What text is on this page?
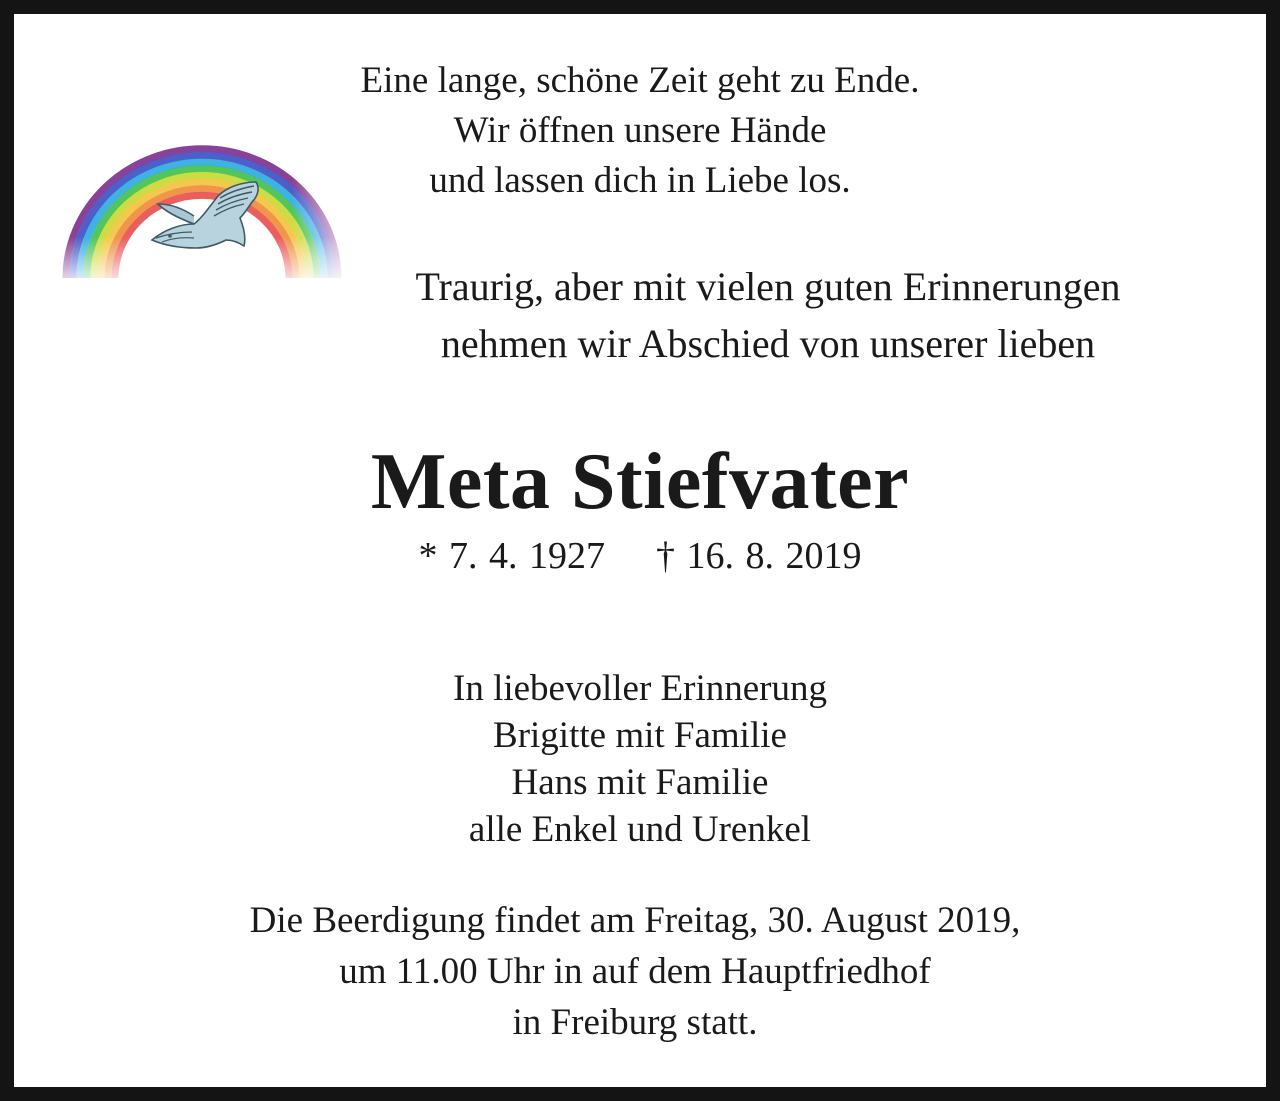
Eine lange, schöne Zeit geht zu Ende.
Wir öffnen unsere Hände
und lassen dich in Liebe los.
Traurig, aber mit vielen guten Erinnerungen
nehmen wir Abschied von unserer lieben
Meta Stiefvater
* 7. 4. 1927 † 16. 8. 2019
In liebevoller Erinnerung
Brigitte mit Familie
Hans mit Familie
alle Enkel und Urenkel
Die Beerdigung findet am Freitag, 30. August 2019,
um 11.00 Uhr in auf dem Hauptfriedhof
in Freiburg statt.
